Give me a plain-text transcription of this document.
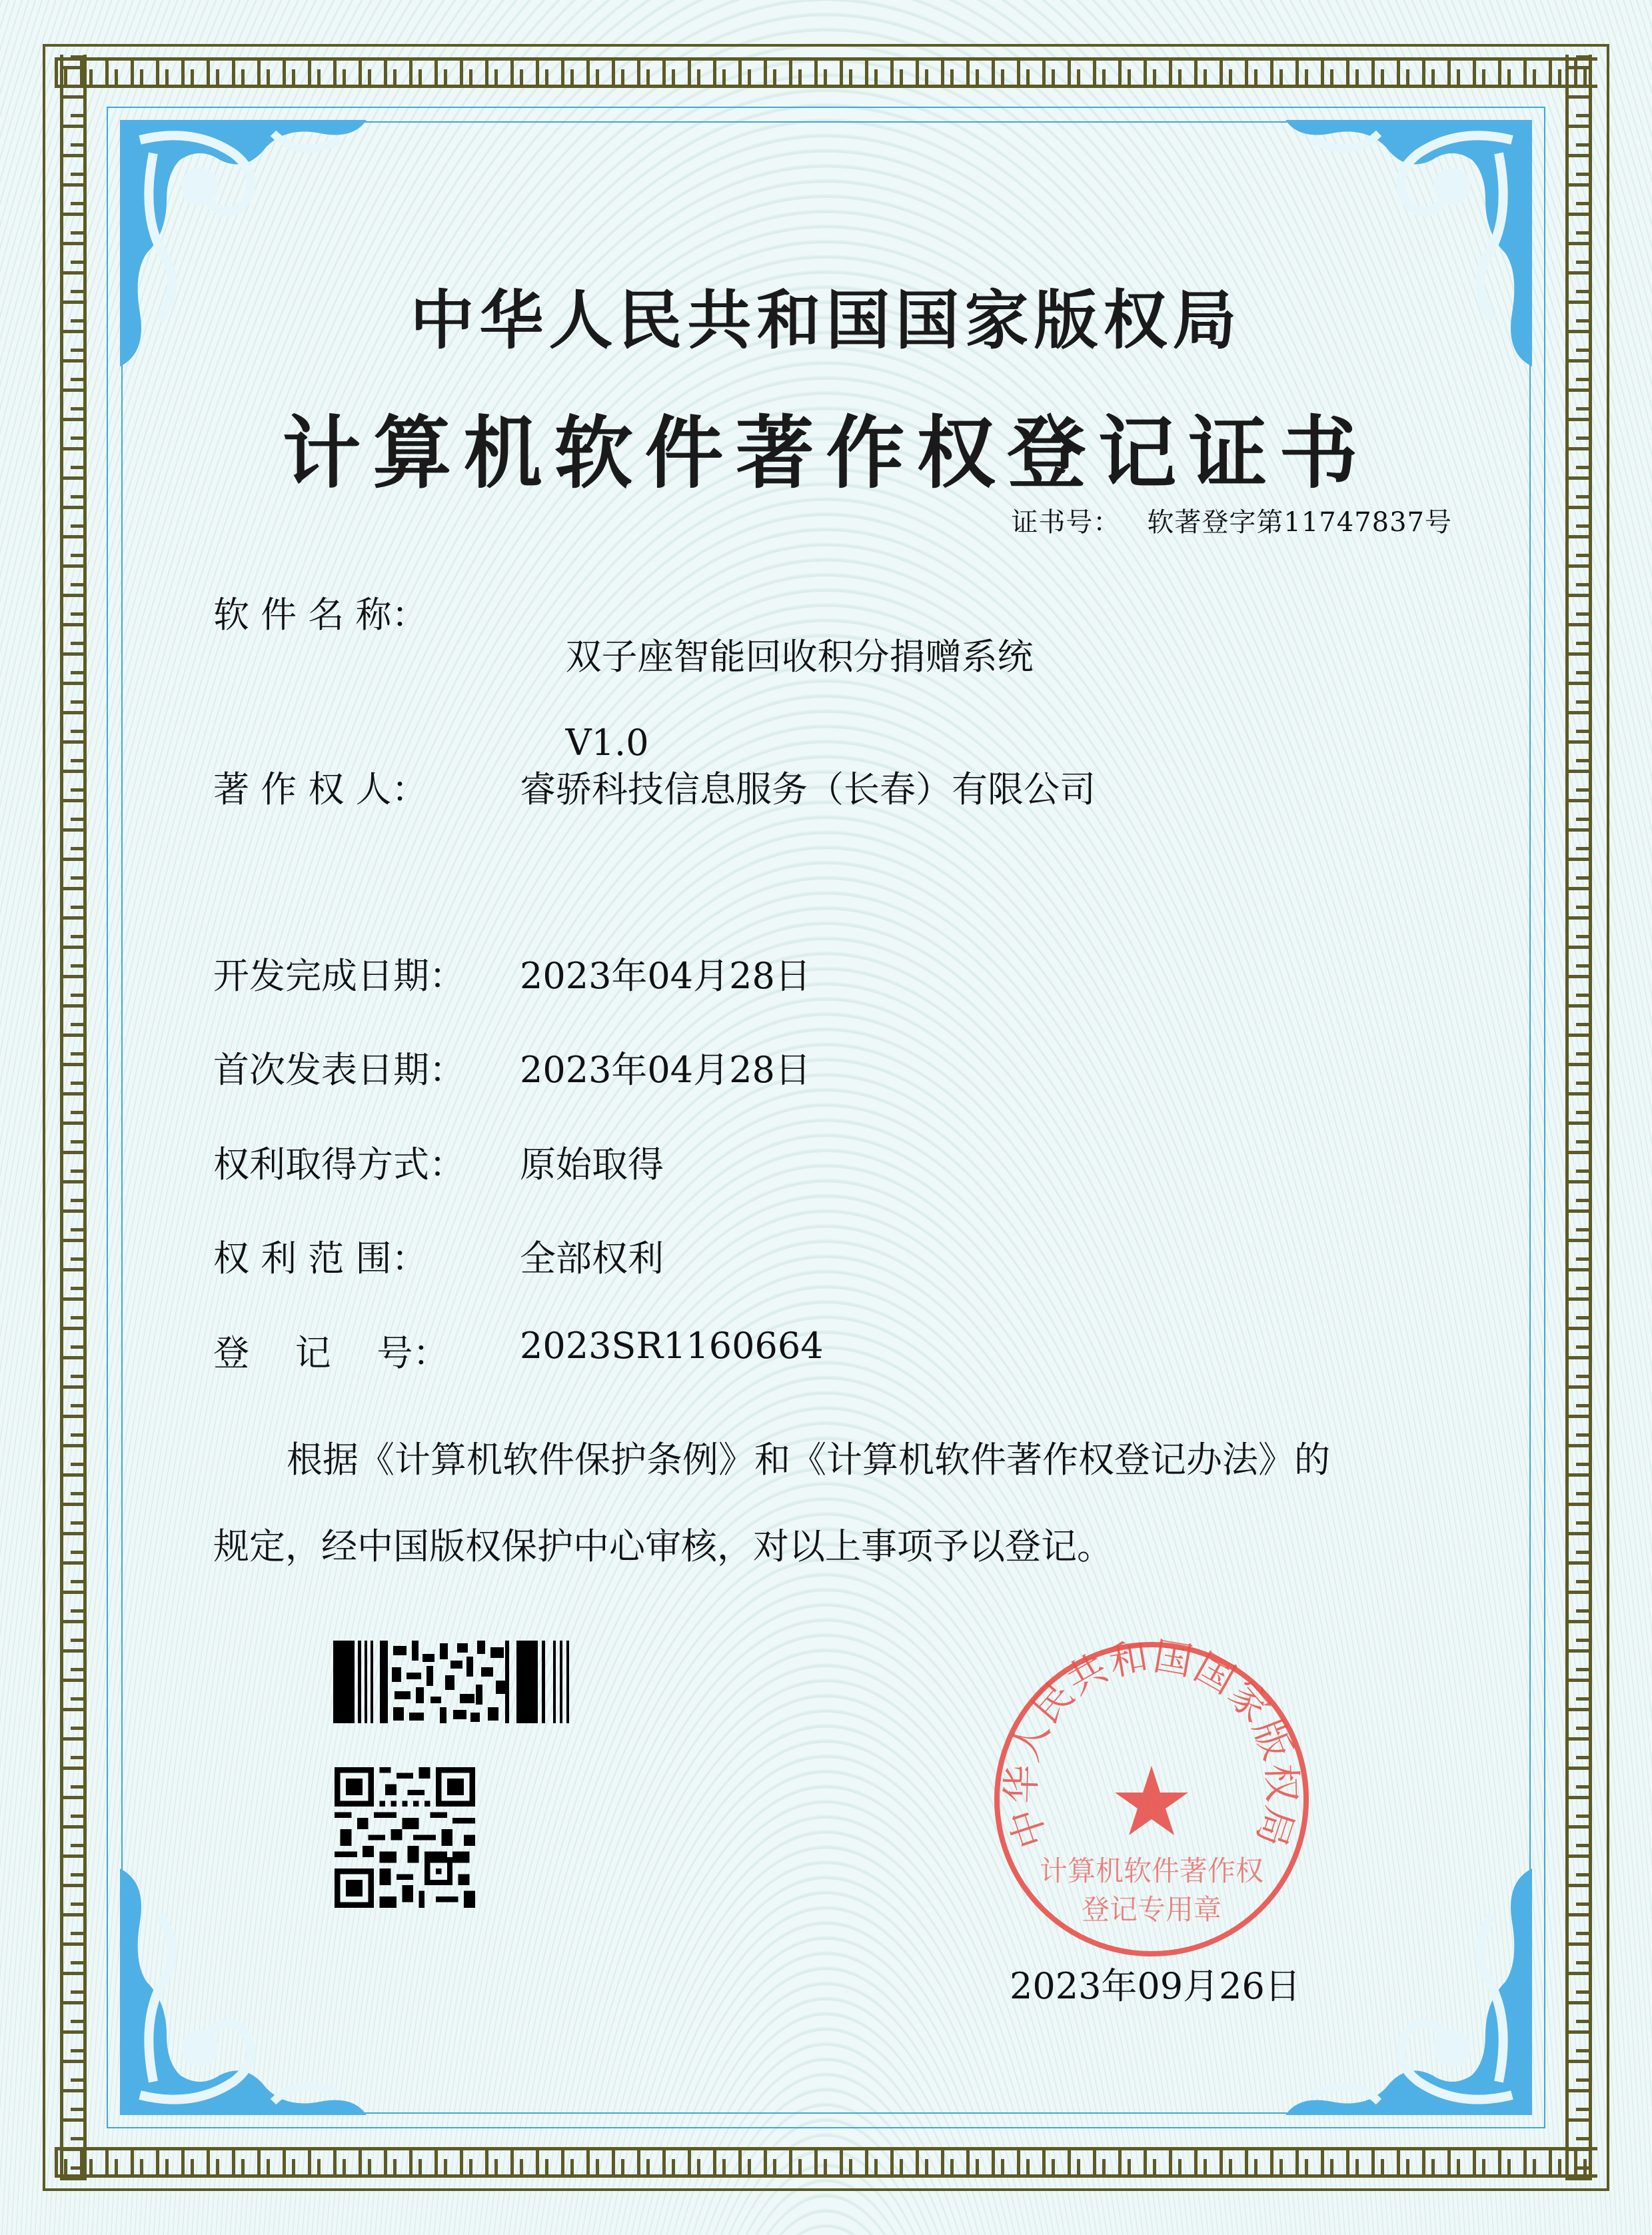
中华人民共和国国家版权局
计算机软件著作权登记证书
证书号： 软著登字第11747837号
软 件 名 称：

双子座智能回收积分捐赠系统

V1.0

著 作 权 人：	睿骄科技信息服务（长春）有限公司
开发完成日期：	2023年04月28日
首次发表日期：	2023年04月28日
权利取得方式：	原始取得
权 利 范 围：	全部权利
登    记    号：	2023SR1160664
根据《计算机软件保护条例》和《计算机软件著作权登记办法》的
规定，经中国版权保护中心审核，对以上事项予以登记。
中华人民共和国国家版权局
计算机软件著作权
登记专用章
2023年09月26日
